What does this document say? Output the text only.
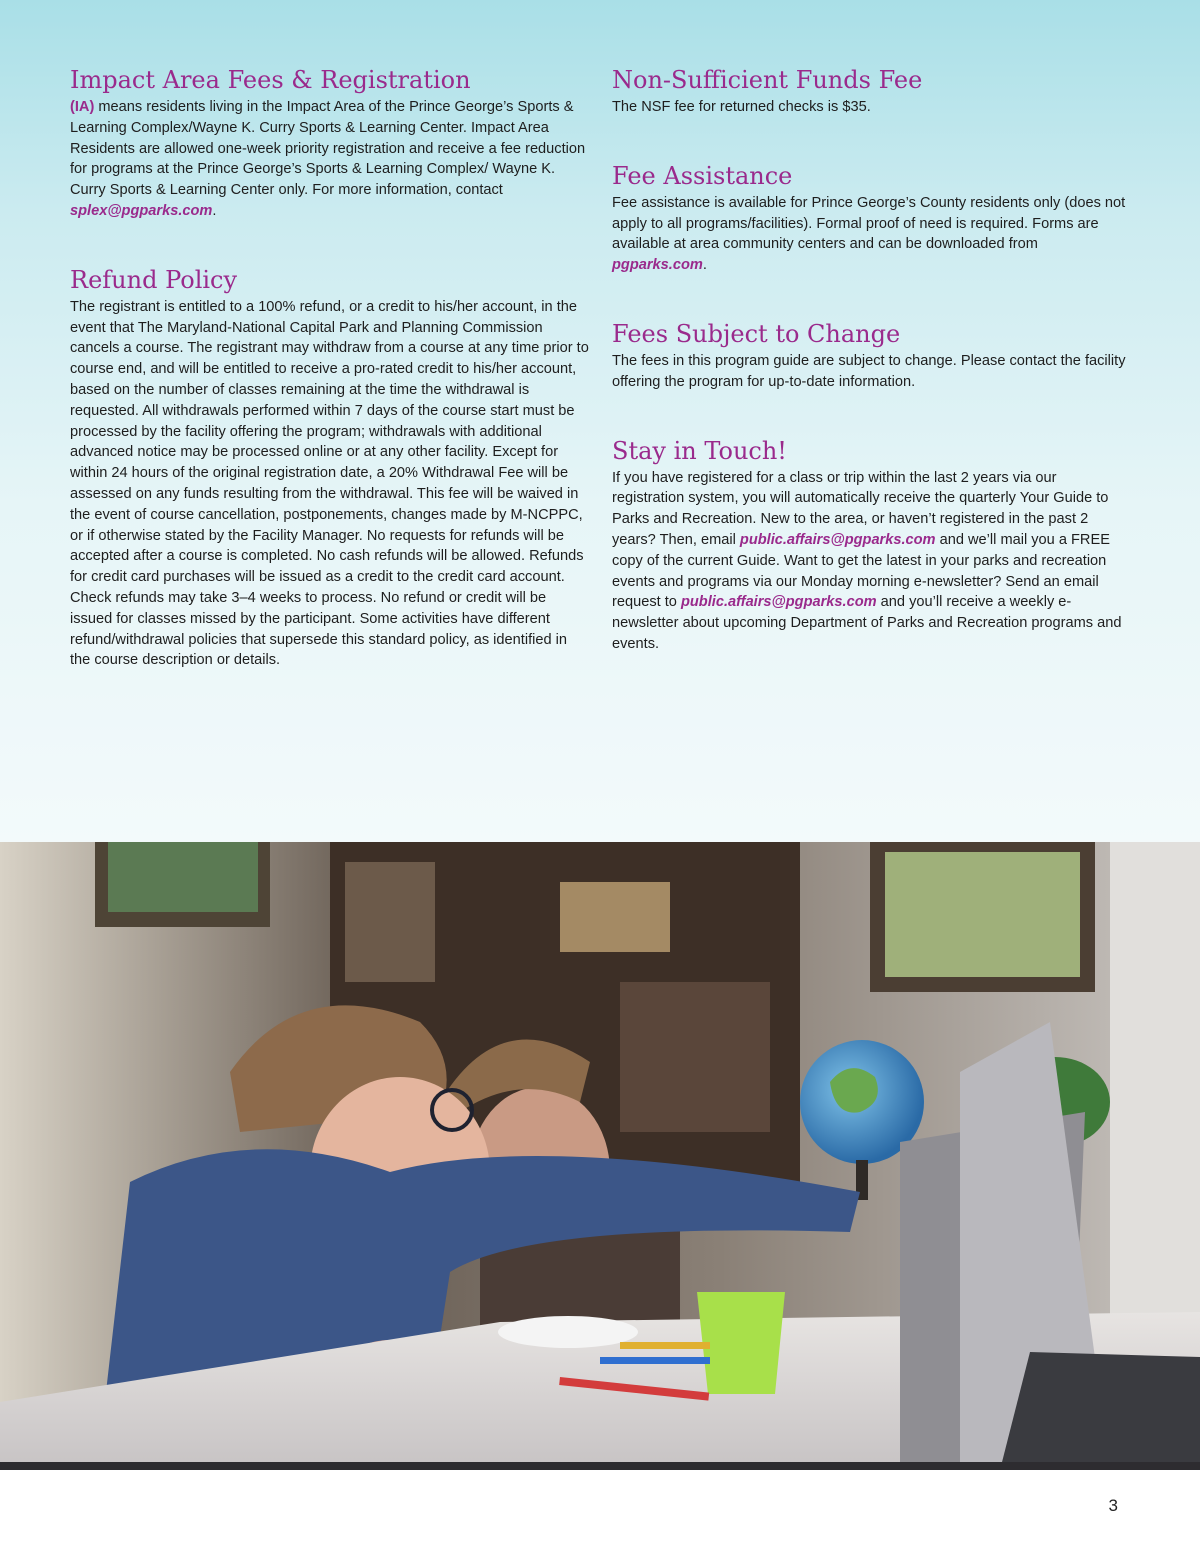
Impact Area Fees & Registration

(IA) means residents living in the Impact Area of the Prince George’s Sports & Learning Complex/Wayne K. Curry Sports & Learning Center. Impact Area Residents are allowed one-week priority registration and receive a fee reduction for programs at the Prince George’s Sports & Learning Complex/ Wayne K. Curry Sports & Learning Center only. For more information, contact splex@pgparks.com.

Refund Policy

The registrant is entitled to a 100% refund, or a credit to his/her account, in the event that The Maryland-National Capital Park and Planning Commission cancels a course. The registrant may withdraw from a course at any time prior to course end, and will be entitled to receive a pro-rated credit to his/her account, based on the number of classes remaining at the time the withdrawal is requested. All withdrawals performed within 7 days of the course start must be processed by the facility offering the program; withdrawals with additional advanced notice may be processed online or at any other facility. Except for within 24 hours of the original registration date, a 20% Withdrawal Fee will be assessed on any funds resulting from the withdrawal. This fee will be waived in the event of course cancellation, postponements, changes made by M-NCPPC, or if otherwise stated by the Facility Manager. No requests for refunds will be accepted after a course is completed. No cash refunds will be allowed. Refunds for credit card purchases will be issued as a credit to the credit card account. Check refunds may take 3–4 weeks to process. No refund or credit will be issued for classes missed by the participant. Some activities have different refund/withdrawal policies that supersede this standard policy, as identified in the course description or details.

Non-Sufficient Funds Fee

The NSF fee for returned checks is $35.

Fee Assistance

Fee assistance is available for Prince George’s County residents only (does not apply to all programs/facilities). Formal proof of need is required. Forms are available at area community centers and can be downloaded from pgparks.com.

Fees Subject to Change

The fees in this program guide are subject to change. Please contact the facility offering the program for up-to-date information.

Stay in Touch!

If you have registered for a class or trip within the last 2 years via our registration system, you will automatically receive the quarterly Your Guide to Parks and Recreation. New to the area, or haven’t registered in the past 2 years? Then, email public.affairs@pgparks.com and we’ll mail you a FREE copy of the current Guide. Want to get the latest in your parks and recreation events and programs via our Monday morning e-newsletter? Send an email request to public.affairs@pgparks.com and you’ll receive a weekly e-newsletter about upcoming Department of Parks and Recreation programs and events.

3
